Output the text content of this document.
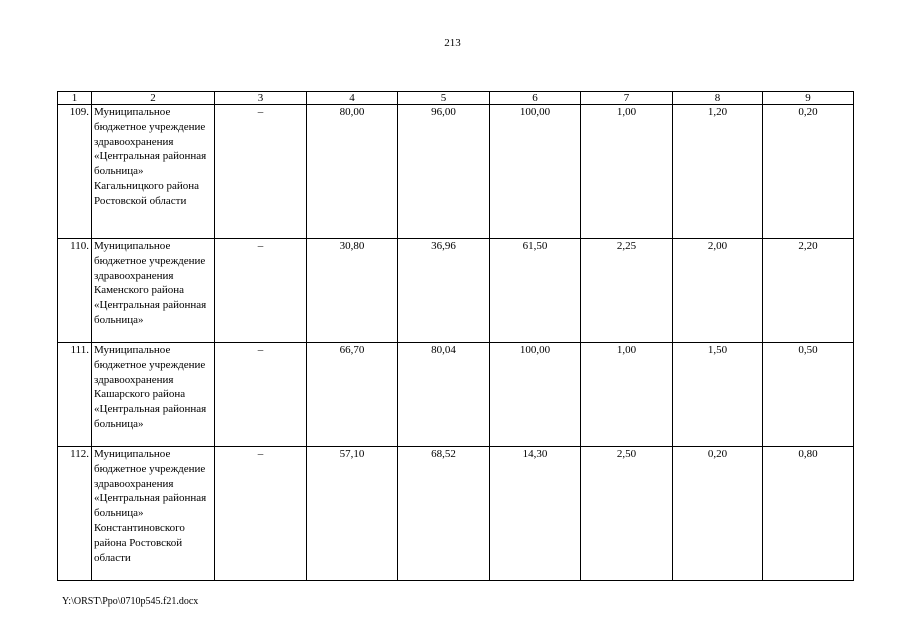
213
1	2	3	4	5	6	7	8	9
109.	Муниципальное бюджетное учреждение здравоохранения «Центральная районная больница» Кагальницкого района Ростовской области	–	80,00	96,00	100,00	1,00	1,20	0,20
110.	Муниципальное бюджетное учреждение здравоохранения Каменского района «Центральная районная больница»	–	30,80	36,96	61,50	2,25	2,00	2,20
111.	Муниципальное бюджетное учреждение здравоохранения Кашарского района «Центральная районная больница»	–	66,70	80,04	100,00	1,00	1,50	0,50
112.	Муниципальное бюджетное учреждение здравоохранения «Центральная районная больница» Константиновского района Ростовской области	–	57,10	68,52	14,30	2,50	0,20	0,80
Y:\ORST\Ppo\0710p545.f21.docx
